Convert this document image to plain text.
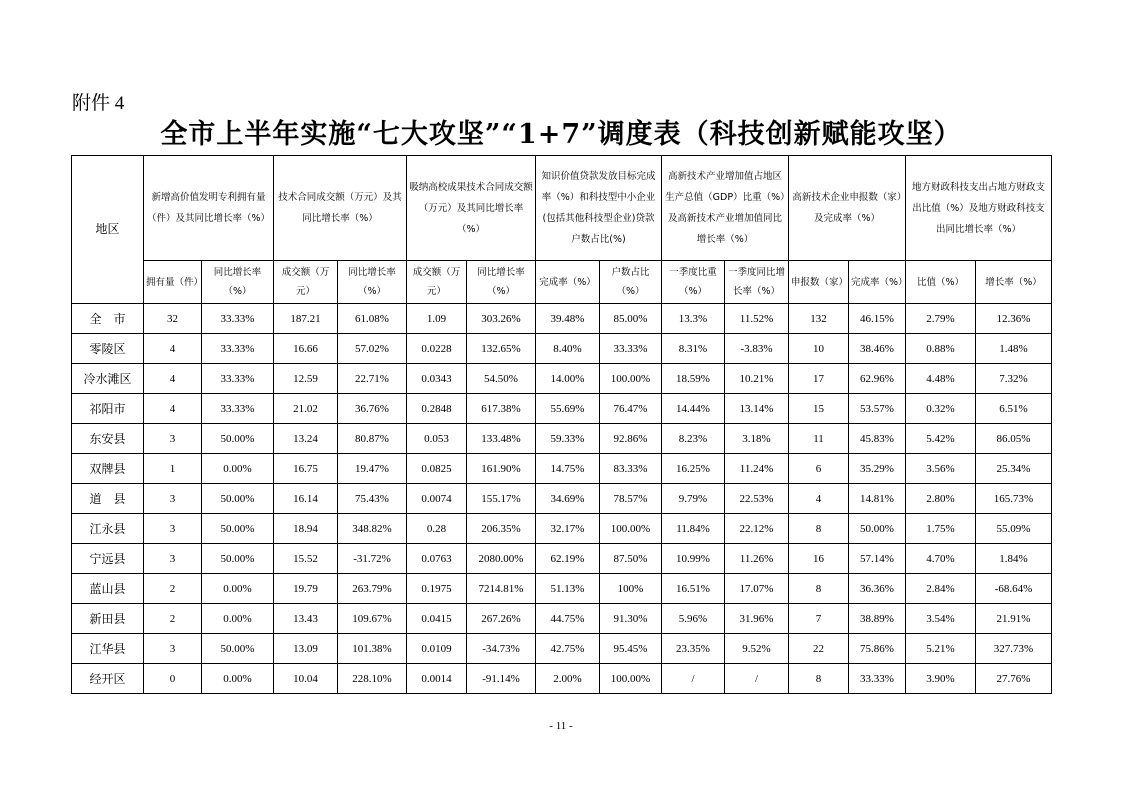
附件 4
全市上半年实施“七大攻坚”“1+7”调度表（科技创新赋能攻坚）
地区	新增高价值发明专利拥有量（件）及其同比增长率（%）		技术合同成交额（万元）及其同比增长率（%）		吸纳高校成果技术合同成交额（万元）及其同比增长率（%）		知识价值贷款发放目标完成率（%）和科技型中小企业(包括其他科技型企业)贷款户数占比(%)		高新技术产业增加值占地区生产总值（GDP）比重（%）及高新技术产业增加值同比增长率（%）		高新技术企业申报数（家）及完成率（%）		地方财政科技支出占地方财政支出比值（%）及地方财政科技支出同比增长率（%）	
	拥有量（件）	同比增长率（%）	成交额（万元）	同比增长率（%）	成交额（万元）	同比增长率（%）	完成率（%）	户数占比（%）	一季度比重（%）	一季度同比增长率（%）	申报数（家）	完成率（%）	比值（%）	增长率（%）
全　市	32	33.33%	187.21	61.08%	1.09	303.26%	39.48%	85.00%	13.3%	11.52%	132	46.15%	2.79%	12.36%
零陵区	4	33.33%	16.66	57.02%	0.0228	132.65%	8.40%	33.33%	8.31%	-3.83%	10	38.46%	0.88%	1.48%
冷水滩区	4	33.33%	12.59	22.71%	0.0343	54.50%	14.00%	100.00%	18.59%	10.21%	17	62.96%	4.48%	7.32%
祁阳市	4	33.33%	21.02	36.76%	0.2848	617.38%	55.69%	76.47%	14.44%	13.14%	15	53.57%	0.32%	6.51%
东安县	3	50.00%	13.24	80.87%	0.053	133.48%	59.33%	92.86%	8.23%	3.18%	11	45.83%	5.42%	86.05%
双牌县	1	0.00%	16.75	19.47%	0.0825	161.90%	14.75%	83.33%	16.25%	11.24%	6	35.29%	3.56%	25.34%
道　县	3	50.00%	16.14	75.43%	0.0074	155.17%	34.69%	78.57%	9.79%	22.53%	4	14.81%	2.80%	165.73%
江永县	3	50.00%	18.94	348.82%	0.28	206.35%	32.17%	100.00%	11.84%	22.12%	8	50.00%	1.75%	55.09%
宁远县	3	50.00%	15.52	-31.72%	0.0763	2080.00%	62.19%	87.50%	10.99%	11.26%	16	57.14%	4.70%	1.84%
蓝山县	2	0.00%	19.79	263.79%	0.1975	7214.81%	51.13%	100%	16.51%	17.07%	8	36.36%	2.84%	-68.64%
新田县	2	0.00%	13.43	109.67%	0.0415	267.26%	44.75%	91.30%	5.96%	31.96%	7	38.89%	3.54%	21.91%
江华县	3	50.00%	13.09	101.38%	0.0109	-34.73%	42.75%	95.45%	23.35%	9.52%	22	75.86%	5.21%	327.73%
经开区	0	0.00%	10.04	228.10%	0.0014	-91.14%	2.00%	100.00%	/	/	8	33.33%	3.90%	27.76%
- 11 -
